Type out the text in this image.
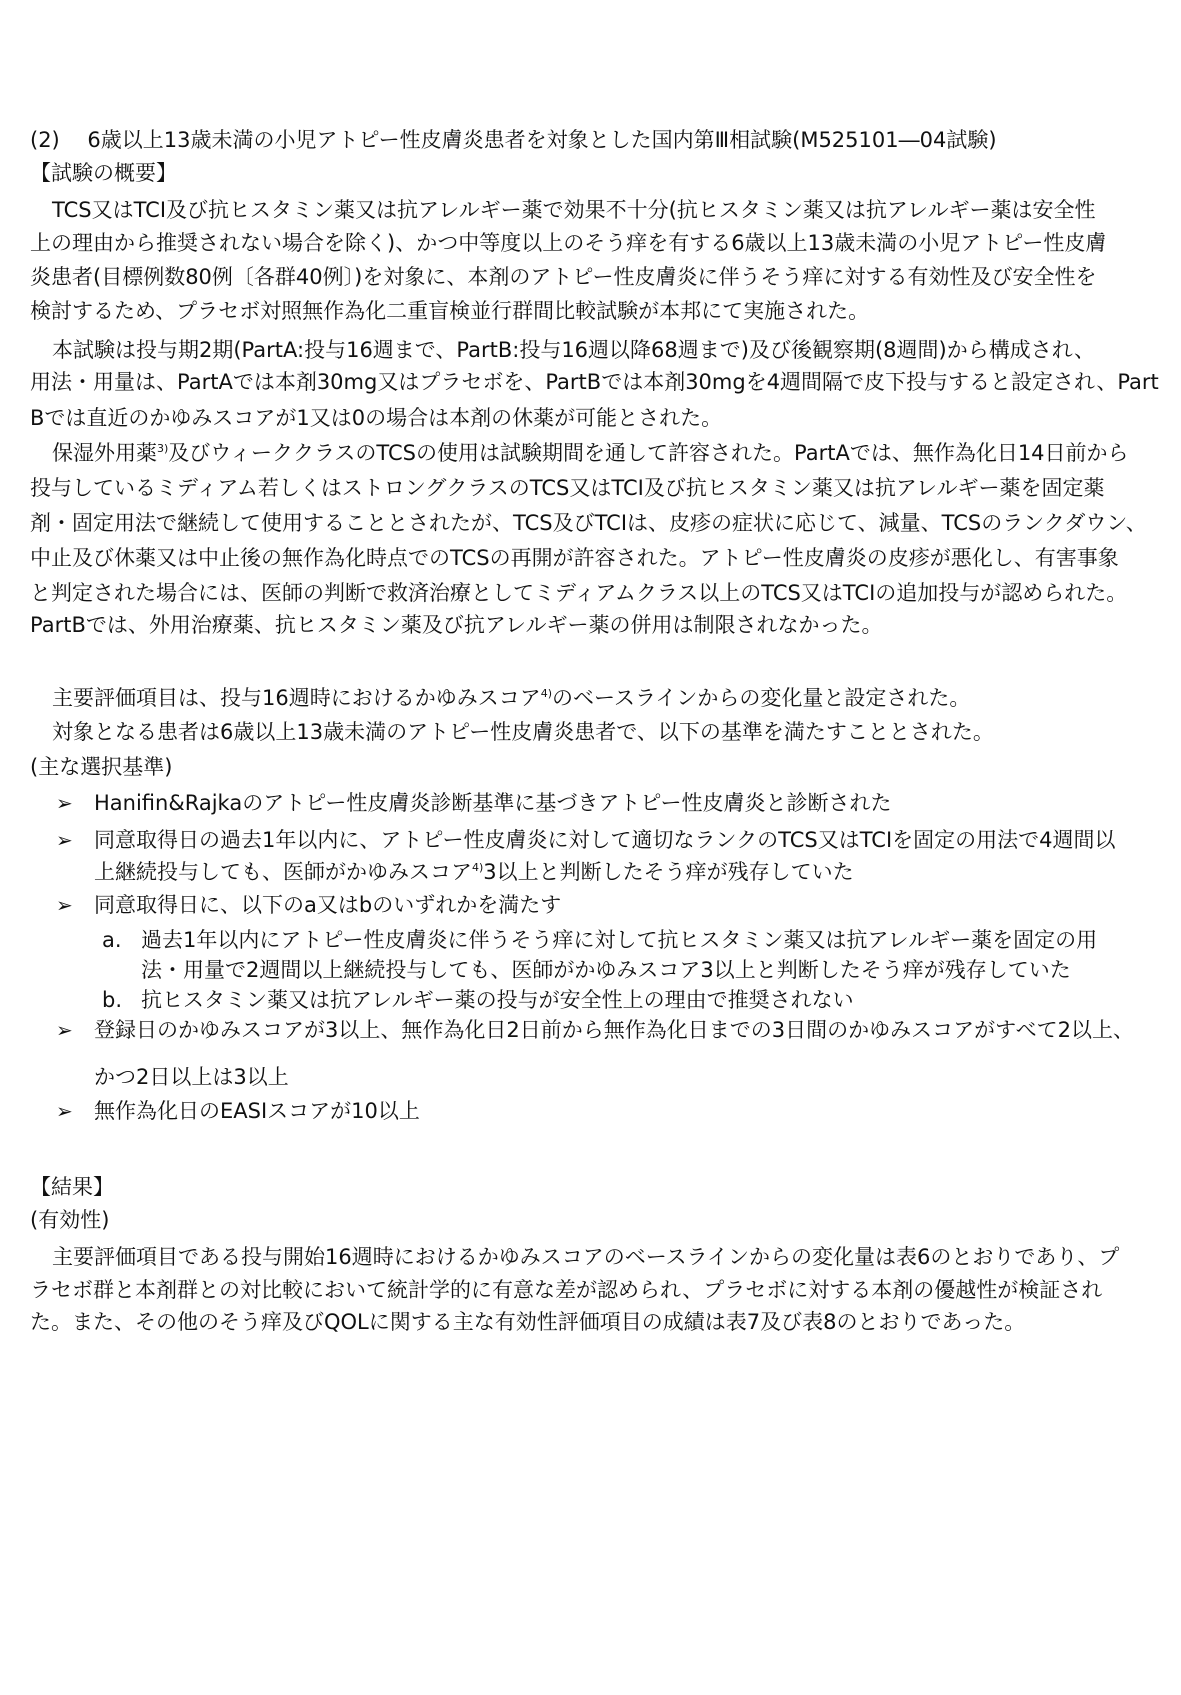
(2)　 6歳以上13歳未満の小児アトピー性皮膚炎患者を対象とした国内第Ⅲ相試験(M525101―04試験)
【試験の概要】
TCS又はTCI及び抗ヒスタミン薬又は抗アレルギー薬で効果不十分(抗ヒスタミン薬又は抗アレルギー薬は安全性
上の理由から推奨されない場合を除く)、かつ中等度以上のそう痒を有する6歳以上13歳未満の小児アトピー性皮膚
炎患者(目標例数80例〔各群40例〕)を対象に、本剤のアトピー性皮膚炎に伴うそう痒に対する有効性及び安全性を
検討するため、プラセボ対照無作為化二重盲検並行群間比較試験が本邦にて実施された。
本試験は投与期2期(PartA:投与16週まで、PartB:投与16週以降68週まで)及び後観察期(8週間)から構成され、
用法・用量は、PartAでは本剤30mg又はプラセボを、PartBでは本剤30mgを4週間隔で皮下投与すると設定され、Part
Bでは直近のかゆみスコアが1又は0の場合は本剤の休薬が可能とされた。
保湿外用薬$^{3)}$及びウィーククラスのTCSの使用は試験期間を通して許容された。PartAでは、無作為化日14日前から
投与しているミディアム若しくはストロングクラスのTCS又はTCI及び抗ヒスタミン薬又は抗アレルギー薬を固定薬
剤・固定用法で継続して使用することとされたが、TCS及びTCIは、皮疹の症状に応じて、減量、TCSのランクダウン、
中止及び休薬又は中止後の無作為化時点でのTCSの再開が許容された。アトピー性皮膚炎の皮疹が悪化し、有害事象
と判定された場合には、医師の判断で救済治療としてミディアムクラス以上のTCS又はTCIの追加投与が認められた。
PartBでは、外用治療薬、抗ヒスタミン薬及び抗アレルギー薬の併用は制限されなかった。
主要評価項目は、投与16週時におけるかゆみスコア$^{4)}$のベースラインからの変化量と設定された。
対象となる患者は6歳以上13歳未満のアトピー性皮膚炎患者で、以下の基準を満たすこととされた。
(主な選択基準)
➢ Hanifin&Rajkaのアトピー性皮膚炎診断基準に基づきアトピー性皮膚炎と診断された
➢ 同意取得日の過去1年以内に、アトピー性皮膚炎に対して適切なランクのTCS又はTCIを固定の用法で4週間以
上継続投与しても、医師がかゆみスコア$^{4)}$3以上と判断したそう痒が残存していた
➢ 同意取得日に、以下のa又はbのいずれかを満たす
a. 過去1年以内にアトピー性皮膚炎に伴うそう痒に対して抗ヒスタミン薬又は抗アレルギー薬を固定の用
法・用量で2週間以上継続投与しても、医師がかゆみスコア3以上と判断したそう痒が残存していた
b. 抗ヒスタミン薬又は抗アレルギー薬の投与が安全性上の理由で推奨されない
➢ 登録日のかゆみスコアが3以上、無作為化日2日前から無作為化日までの3日間のかゆみスコアがすべて2以上、
かつ2日以上は3以上
➢ 無作為化日のEASIスコアが10以上
【結果】
(有効性)
主要評価項目である投与開始16週時におけるかゆみスコアのベースラインからの変化量は表6のとおりであり、プ
ラセボ群と本剤群との対比較において統計学的に有意な差が認められ、プラセボに対する本剤の優越性が検証され
た。また、その他のそう痒及びQOLに関する主な有効性評価項目の成績は表7及び表8のとおりであった。
